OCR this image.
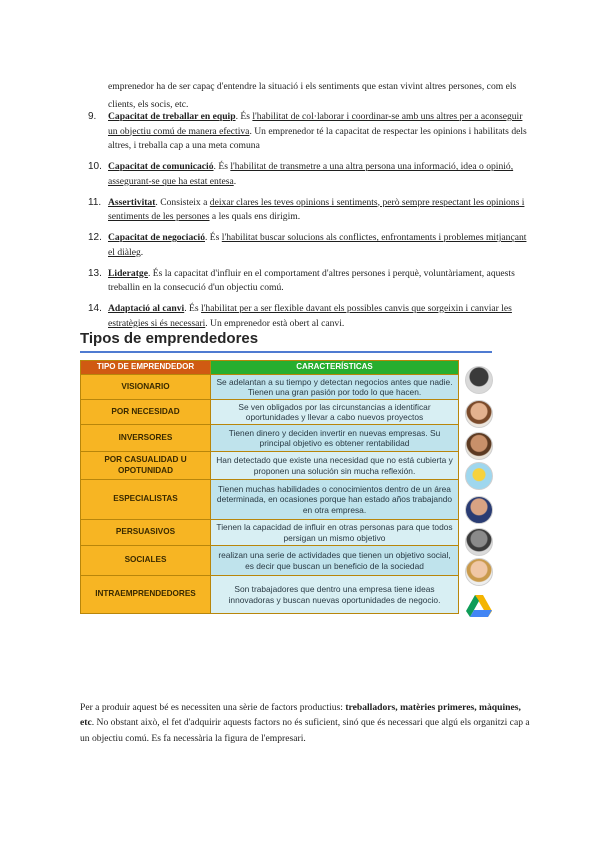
emprenedor ha de ser capaç d'entendre la situació i els sentiments que estan vivint altres persones, com els clients, els socis, etc.

9. Capacitat de treballar en equip. És l'habilitat de col·laborar i coordinar-se amb uns altres per a aconseguir un objectiu comú de manera efectiva. Un emprenedor té la capacitat de respectar les opinions i habilitats dels altres, i treballa cap a una meta comuna
10. Capacitat de comunicació. És l'habilitat de transmetre a una altra persona una informació, idea o opinió, assegurant-se que ha estat entesa.
11. Assertivitat. Consisteix a deixar clares les teves opinions i sentiments, però sempre respectant les opinions i sentiments de les persones a les quals ens dirigim.
12. Capacitat de negociació. És l'habilitat buscar solucions als conflictes, enfrontaments i problemes mitjançant el diàleg.
13. Lideratge. És la capacitat d'influir en el comportament d'altres persones i perquè, voluntàriament, aquests treballin en la consecució d'un objectiu comú.
14. Adaptació al canvi. És l'habilitat per a ser flexible davant els possibles canvis que sorgeixin i canviar les estratègies si és necessari. Un emprenedor està obert al canvi.
Tipos de emprendedores
TIPO DE EMPRENDEDOR	CARACTERÍSTICAS
VISIONARIO	Se adelantan a su tiempo y detectan negocios antes que nadie. Tienen una gran pasión por todo lo que hacen.
POR NECESIDAD	Se ven obligados por las circunstancias a identificar oportunidades y llevar a cabo nuevos proyectos
INVERSORES	Tienen dinero y deciden invertir en nuevas empresas. Su principal objetivo es obtener rentabilidad
POR CASUALIDAD U OPOTUNIDAD	Han detectado que existe una necesidad que no está cubierta y proponen una solución sin mucha reflexión.
ESPECIALISTAS	Tienen muchas habilidades o conocimientos dentro de un área determinada, en ocasiones porque han estado años trabajando en otra empresa.
PERSUASIVOS	Tienen la capacidad de influir en otras personas para que todos persigan un mismo objetivo
SOCIALES	realizan una serie de actividades que tienen un objetivo social, es decir que buscan un beneficio de la sociedad
INTRAEMPRENDEDORES	Son trabajadores que dentro una empresa tiene ideas innovadoras y buscan nuevas oportunidades de negocio.

Per a produir aquest bé es necessiten una sèrie de factors productius: treballadors, matèries primeres, màquines, etc. No obstant això, el fet d'adquirir aquests factors no és suficient, sinó que és necessari que algú els organitzi cap a un objectiu comú. Es fa necessària la figura de l'empresari.
